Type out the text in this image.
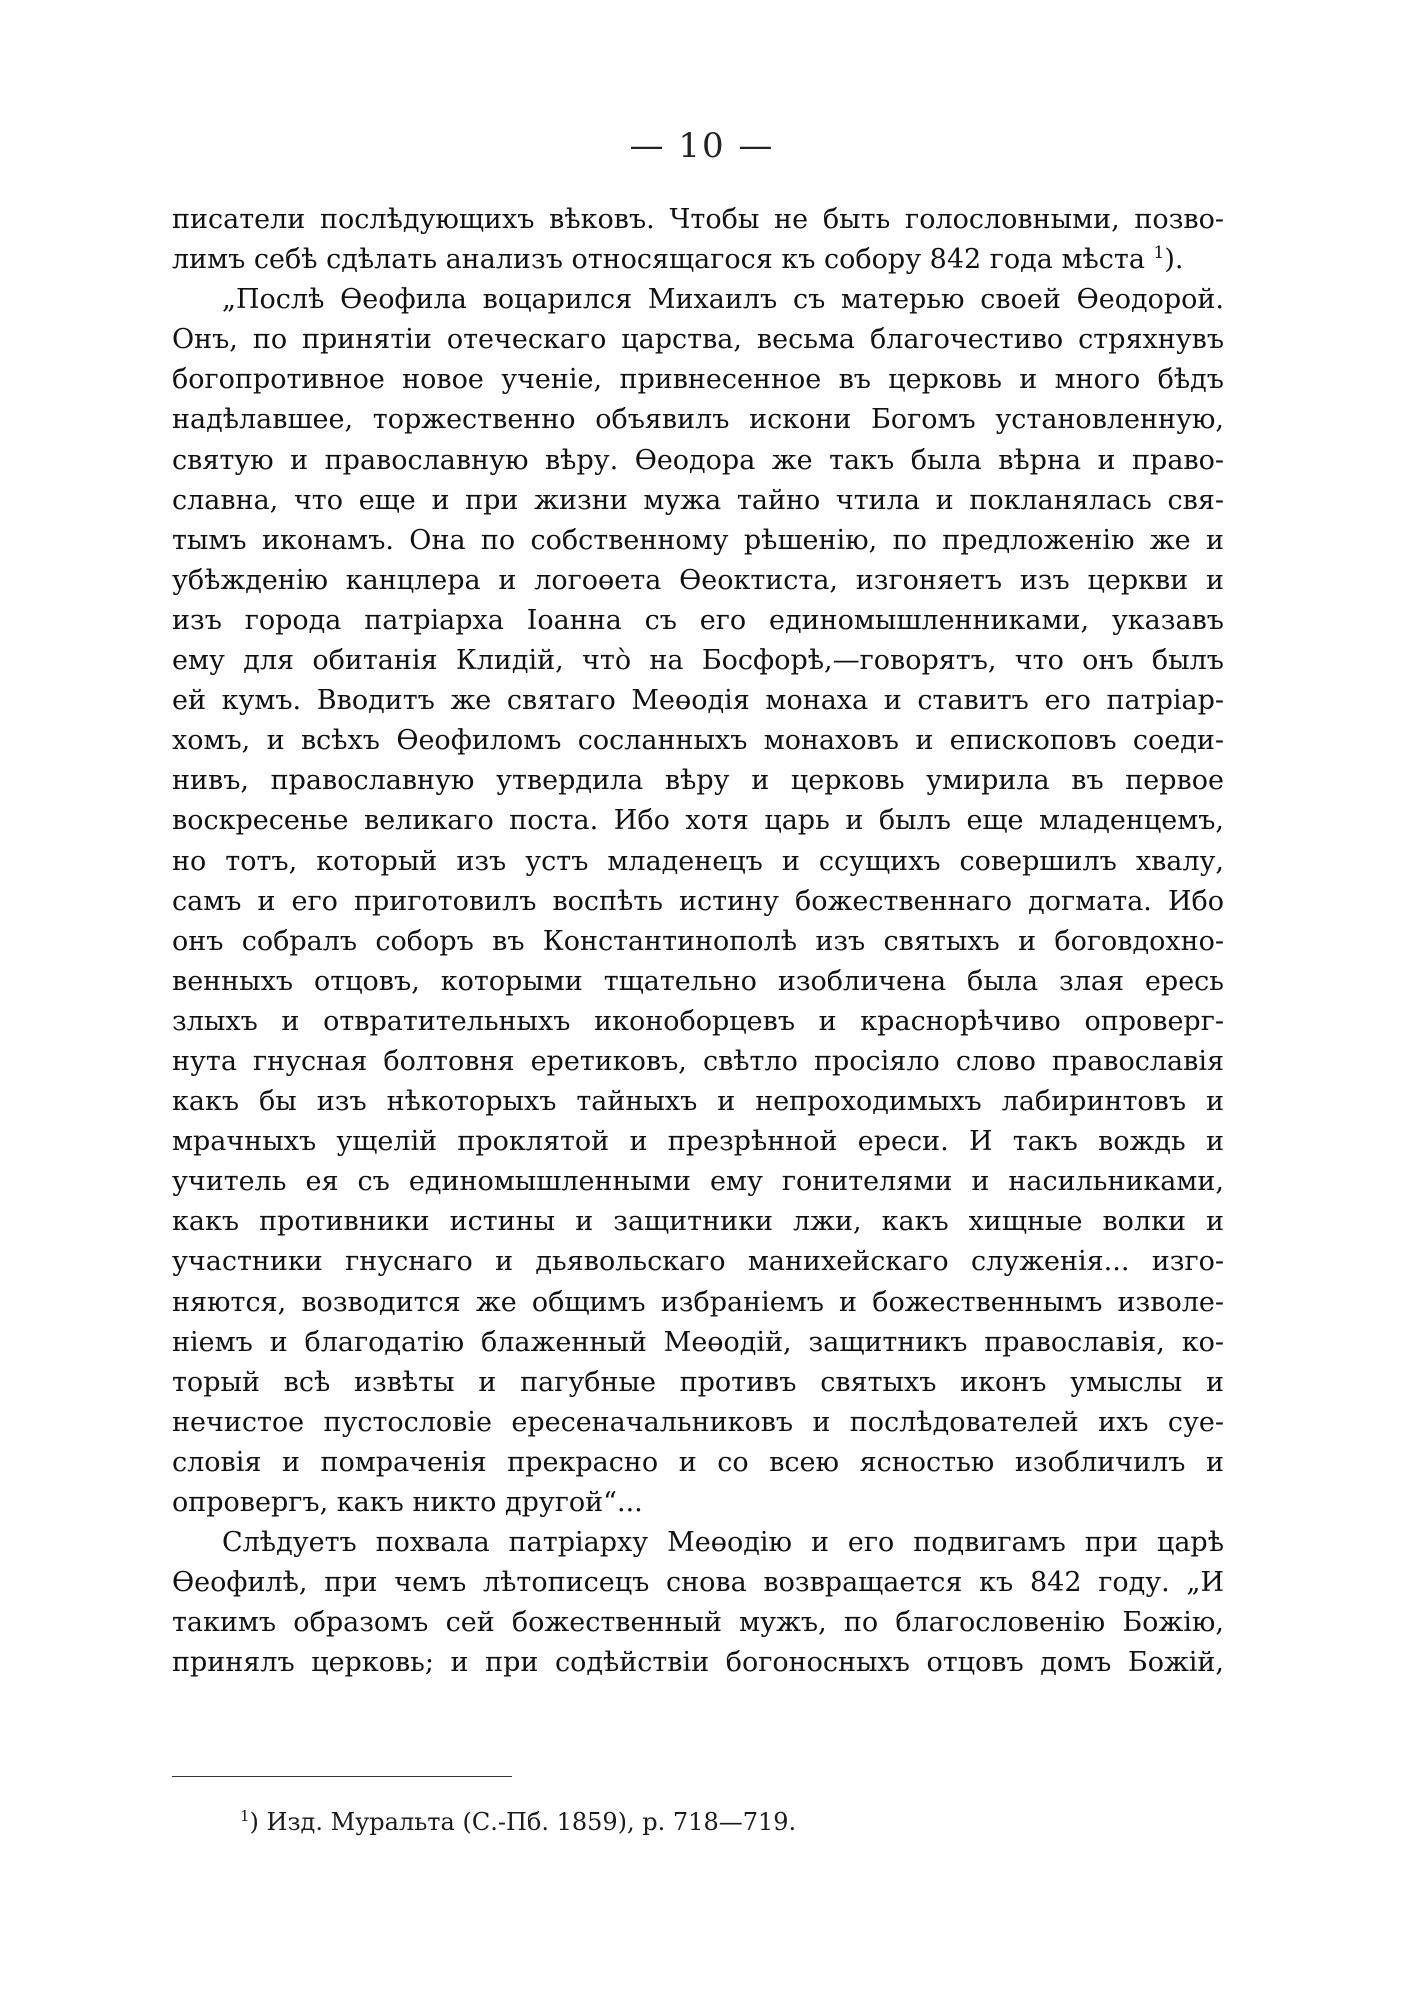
— 10 —
писатели послѣдующихъ вѣковъ. Чтобы не быть голословными, позво-
лимъ себѣ сдѣлать анализъ относящагося къ собору 842 года мѣста $^1$).
„Послѣ Өеофила воцарился Михаилъ съ матерью своей Өеодорой.
Онъ, по принятіи отеческаго царства, весьма благочестиво стряхнувъ
богопротивное новое ученіе, привнесенное въ церковь и много бѣдъ
надѣлавшее, торжественно объявилъ искони Богомъ установленную,
святую и православную вѣру. Өеодора же такъ была вѣрна и право-
славна, что еще и при жизни мужа тайно чтила и покланялась свя-
тымъ иконамъ. Она по собственному рѣшенію, по предложенію же и
убѣжденію канцлера и логоөета Өеоктиста, изгоняетъ изъ церкви и
изъ города патріарха Іоанна съ его единомышленниками, указавъ
ему для обитанія Клидій, что̀ на Босфорѣ,—говорятъ, что онъ былъ
ей кумъ. Вводитъ же святаго Меөодія монаха и ставитъ его патріар-
хомъ, и всѣхъ Өеофиломъ сосланныхъ монаховъ и епископовъ соеди-
нивъ, православную утвердила вѣру и церковь умирила въ первое
воскресенье великаго поста. Ибо хотя царь и былъ еще младенцемъ,
но тотъ, который изъ устъ младенецъ и ссущихъ совершилъ хвалу,
самъ и его приготовилъ воспѣть истину божественнаго догмата. Ибо
онъ собралъ соборъ въ Константинополѣ изъ святыхъ и боговдохно-
венныхъ отцовъ, которыми тщательно изобличена была злая ересь
злыхъ и отвратительныхъ иконоборцевъ и краснорѣчиво опроверг-
нута гнусная болтовня еретиковъ, свѣтло просіяло слово православія
какъ бы изъ нѣкоторыхъ тайныхъ и непроходимыхъ лабиринтовъ и
мрачныхъ ущелій проклятой и презрѣнной ереси. И такъ вождь и
учитель ея съ единомышленными ему гонителями и насильниками,
какъ противники истины и защитники лжи, какъ хищные волки и
участники гнуснаго и дьявольскаго манихейскаго служенія... изго-
няются, возводится же общимъ избраніемъ и божественнымъ изволе-
ніемъ и благодатію блаженный Меөодій, защитникъ православія, ко-
торый всѣ извѣты и пагубные противъ святыхъ иконъ умыслы и
нечистое пустословіе ересеначальниковъ и послѣдователей ихъ суе-
словія и помраченія прекрасно и со всею ясностью изобличилъ и
опровергъ, какъ никто другой“...
Слѣдуетъ похвала патріарху Меөодію и его подвигамъ при царѣ
Өеофилѣ, при чемъ лѣтописецъ снова возвращается къ 842 году. „И
такимъ образомъ сей божественный мужъ, по благословенію Божію,
принялъ церковь; и при содѣйствіи богоносныхъ отцовъ домъ Божій,
$^1$) Изд. Муральта (С.-Пб. 1859), p. 718—719.
